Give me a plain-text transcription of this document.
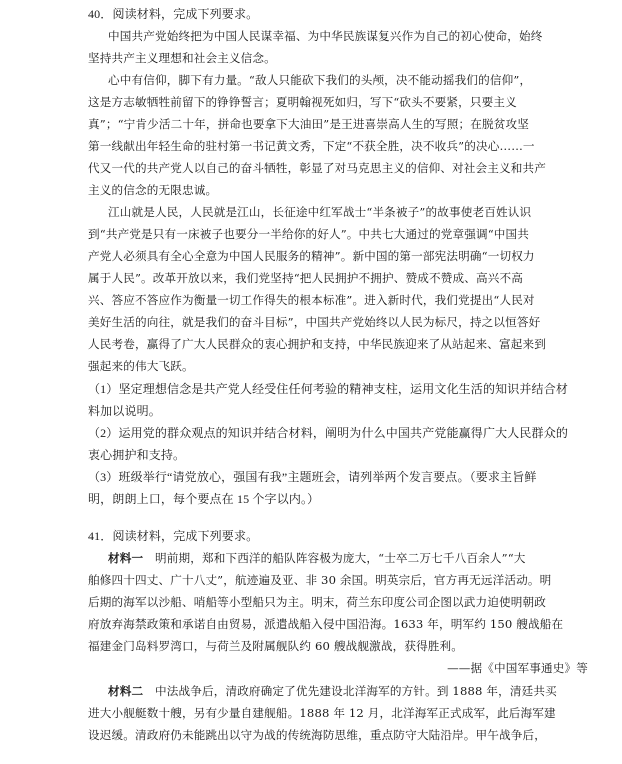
40．阅读材料，完成下列要求。
中国共产党始终把为中国人民谋幸福、为中华民族谋复兴作为自己的初心使命，始终
坚持共产主义理想和社会主义信念。
心中有信仰，脚下有力量。“敌人只能砍下我们的头颅，决不能动摇我们的信仰”，
这是方志敏牺牲前留下的铮铮誓言；夏明翰视死如归，写下“砍头不要紧，只要主义
真”；“宁肯少活二十年，拼命也要拿下大油田”是王进喜崇高人生的写照；在脱贫攻坚
第一线献出年轻生命的驻村第一书记黄文秀，下定“不获全胜，决不收兵”的决心……一
代又一代的共产党人以自己的奋斗牺牲，彰显了对马克思主义的信仰、对社会主义和共产
主义的信念的无限忠诚。
江山就是人民，人民就是江山，长征途中红军战士“半条被子”的故事使老百姓认识
到“共产党是只有一床被子也要分一半给你的好人”。中共七大通过的党章强调“中国共
产党人必须具有全心全意为中国人民服务的精神”。新中国的第一部宪法明确“一切权力
属于人民”。改革开放以来，我们党坚持“把人民拥护不拥护、赞成不赞成、高兴不高
兴、答应不答应作为衡量一切工作得失的根本标准”。进入新时代，我们党提出“人民对
美好生活的向往，就是我们的奋斗目标”，中国共产党始终以人民为标尺，持之以恒答好
人民考卷，赢得了广大人民群众的衷心拥护和支持，中华民族迎来了从站起来、富起来到
强起来的伟大飞跃。
（1）坚定理想信念是共产党人经受住任何考验的精神支柱，运用文化生活的知识并结合材
料加以说明。
（2）运用党的群众观点的知识并结合材料，阐明为什么中国共产党能赢得广大人民群众的
衷心拥护和支持。
（3）班级举行“请党放心，强国有我”主题班会，请列举两个发言要点。（要求主旨鲜
明，朗朗上口，每个要点在 15 个字以内。）
41．阅读材料，完成下列要求。
材料一　 明前期，郑和下西洋的船队阵容极为庞大，“士卒二万七千八百余人”“大
舶修四十四丈、广十八丈”，航迹遍及亚、非 30 余国。明英宗后，官方再无远洋活动。明
后期的海军以沙船、哨船等小型船只为主。明末，荷兰东印度公司企图以武力迫使明朝政
府放弃海禁政策和承诺自由贸易，派遣战船入侵中国沿海。1633 年，明军约 150 艘战船在
福建金门岛料罗湾口，与荷兰及附属舰队约 60 艘战舰激战，获得胜利。
——据《中国军事通史》等
材料二　 中法战争后，清政府确定了优先建设北洋海军的方针。到 1888 年，清廷共买
进大小舰艇数十艘，另有少量自建舰船。1888 年 12 月，北洋海军正式成军，此后海军建
设迟缓。清政府仍未能跳出以守为战的传统海防思维，重点防守大陆沿岸。甲午战争后，
